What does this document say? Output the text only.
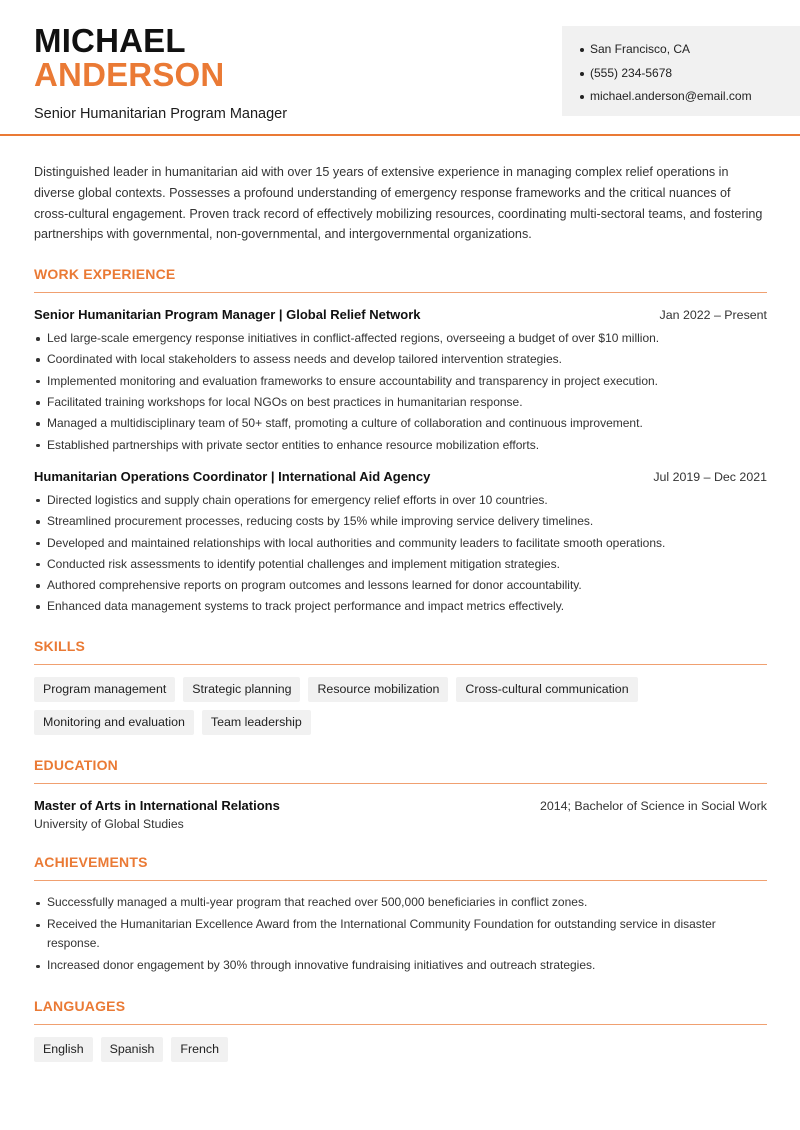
MICHAEL
ANDERSON
Senior Humanitarian Program Manager
San Francisco, CA
(555) 234-5678
michael.anderson@email.com

Distinguished leader in humanitarian aid with over 15 years of extensive experience in managing complex relief operations in diverse global contexts. Possesses a profound understanding of emergency response frameworks and the critical nuances of cross-cultural engagement. Proven track record of effectively mobilizing resources, coordinating multi-sectoral teams, and fostering partnerships with governmental, non-governmental, and intergovernmental organizations.

WORK EXPERIENCE
Senior Humanitarian Program Manager | Global Relief Network	Jan 2022 – Present
Led large-scale emergency response initiatives in conflict-affected regions, overseeing a budget of over $10 million.
Coordinated with local stakeholders to assess needs and develop tailored intervention strategies.
Implemented monitoring and evaluation frameworks to ensure accountability and transparency in project execution.
Facilitated training workshops for local NGOs on best practices in humanitarian response.
Managed a multidisciplinary team of 50+ staff, promoting a culture of collaboration and continuous improvement.
Established partnerships with private sector entities to enhance resource mobilization efforts.
Humanitarian Operations Coordinator | International Aid Agency	Jul 2019 – Dec 2021
Directed logistics and supply chain operations for emergency relief efforts in over 10 countries.
Streamlined procurement processes, reducing costs by 15% while improving service delivery timelines.
Developed and maintained relationships with local authorities and community leaders to facilitate smooth operations.
Conducted risk assessments to identify potential challenges and implement mitigation strategies.
Authored comprehensive reports on program outcomes and lessons learned for donor accountability.
Enhanced data management systems to track project performance and impact metrics effectively.
SKILLS
Program management	Strategic planning	Resource mobilization	Cross-cultural communication
Monitoring and evaluation	Team leadership
EDUCATION
Master of Arts in International Relations	2014; Bachelor of Science in Social Work
University of Global Studies
ACHIEVEMENTS
Successfully managed a multi-year program that reached over 500,000 beneficiaries in conflict zones.
Received the Humanitarian Excellence Award from the International Community Foundation for outstanding service in disaster response.
Increased donor engagement by 30% through innovative fundraising initiatives and outreach strategies.
LANGUAGES
English	Spanish	French
